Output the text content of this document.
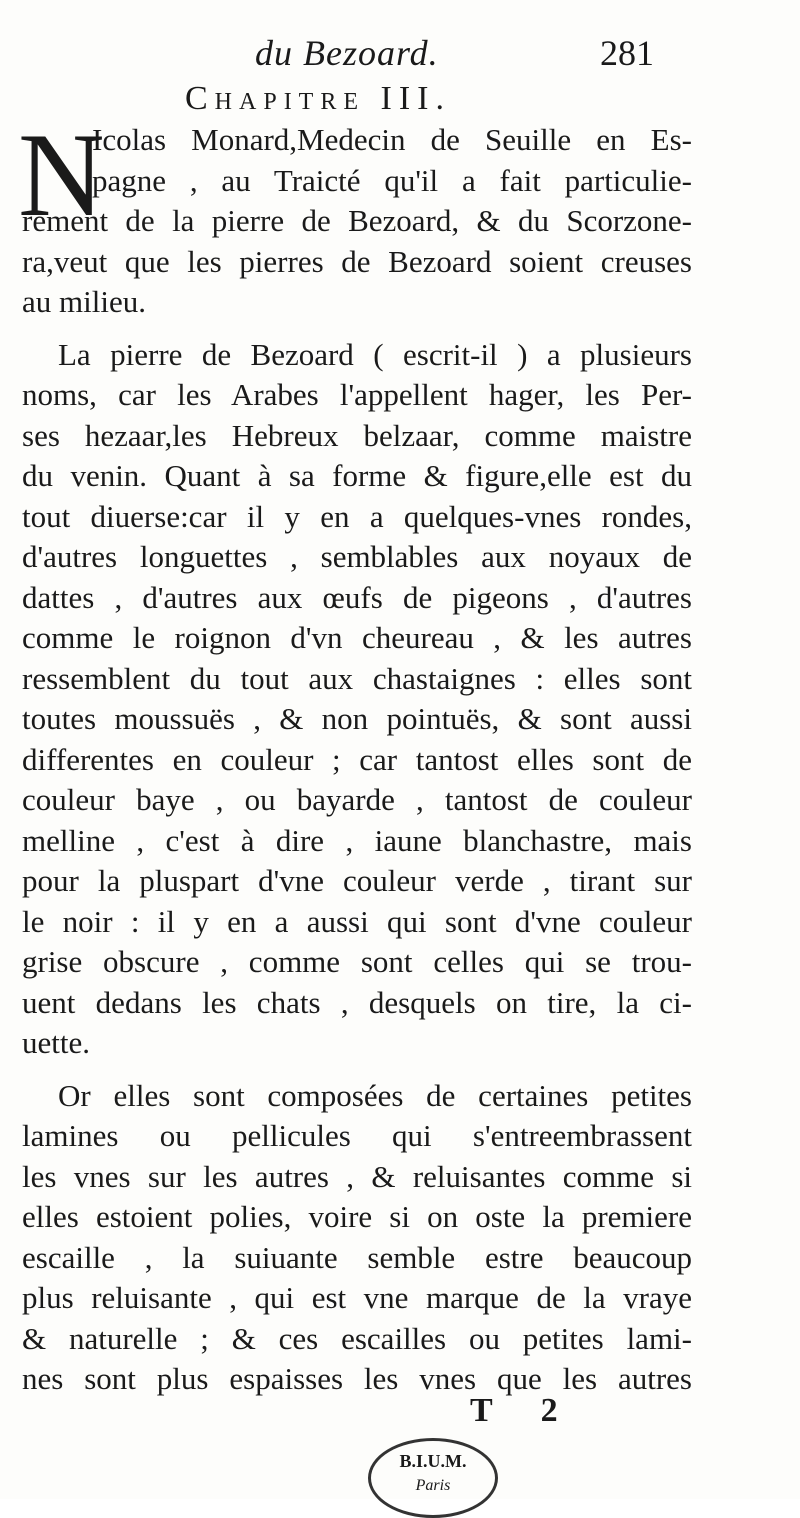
du Bezoard.	281
Chapitre III.
N
Icolas Monard,Medecin de Seuille en Es-
pagne , au Traicté qu'il a fait particulie-
rement de la pierre de Bezoard, & du Scorzone-
ra,veut que les pierres de Bezoard soient creuses
au milieu.
La pierre de Bezoard ( escrit-il ) a plusieurs
noms, car les Arabes l'appellent hager, les Per-
ses hezaar,les Hebreux belzaar, comme maistre
du venin. Quant à sa forme & figure,elle est du
tout diuerse:car il y en a quelques-vnes rondes,
d'autres longuettes , semblables aux noyaux de
dattes , d'autres aux œufs de pigeons , d'autres
comme le roignon d'vn cheureau , & les autres
ressemblent du tout aux chastaignes : elles sont
toutes moussuës , & non pointuës, & sont aussi
differentes en couleur ; car tantost elles sont de
couleur baye , ou bayarde , tantost de couleur
melline , c'est à dire , iaune blanchastre, mais
pour la pluspart d'vne couleur verde , tirant sur
le noir : il y en a aussi qui sont d'vne couleur
grise obscure , comme sont celles qui se trou-
uent dedans les chats , desquels on tire, la ci-
uette.
Or elles sont composées de certaines petites
lamines ou pellicules qui s'entreembrassent
les vnes sur les autres , & reluisantes comme si
elles estoient polies, voire si on oste la premiere
escaille , la suiuante semble estre beaucoup
plus reluisante , qui est vne marque de la vraye
& naturelle ; & ces escailles ou petites lami-
nes sont plus espaisses les vnes que les autres
T 2
B.I.U.M.
Paris
